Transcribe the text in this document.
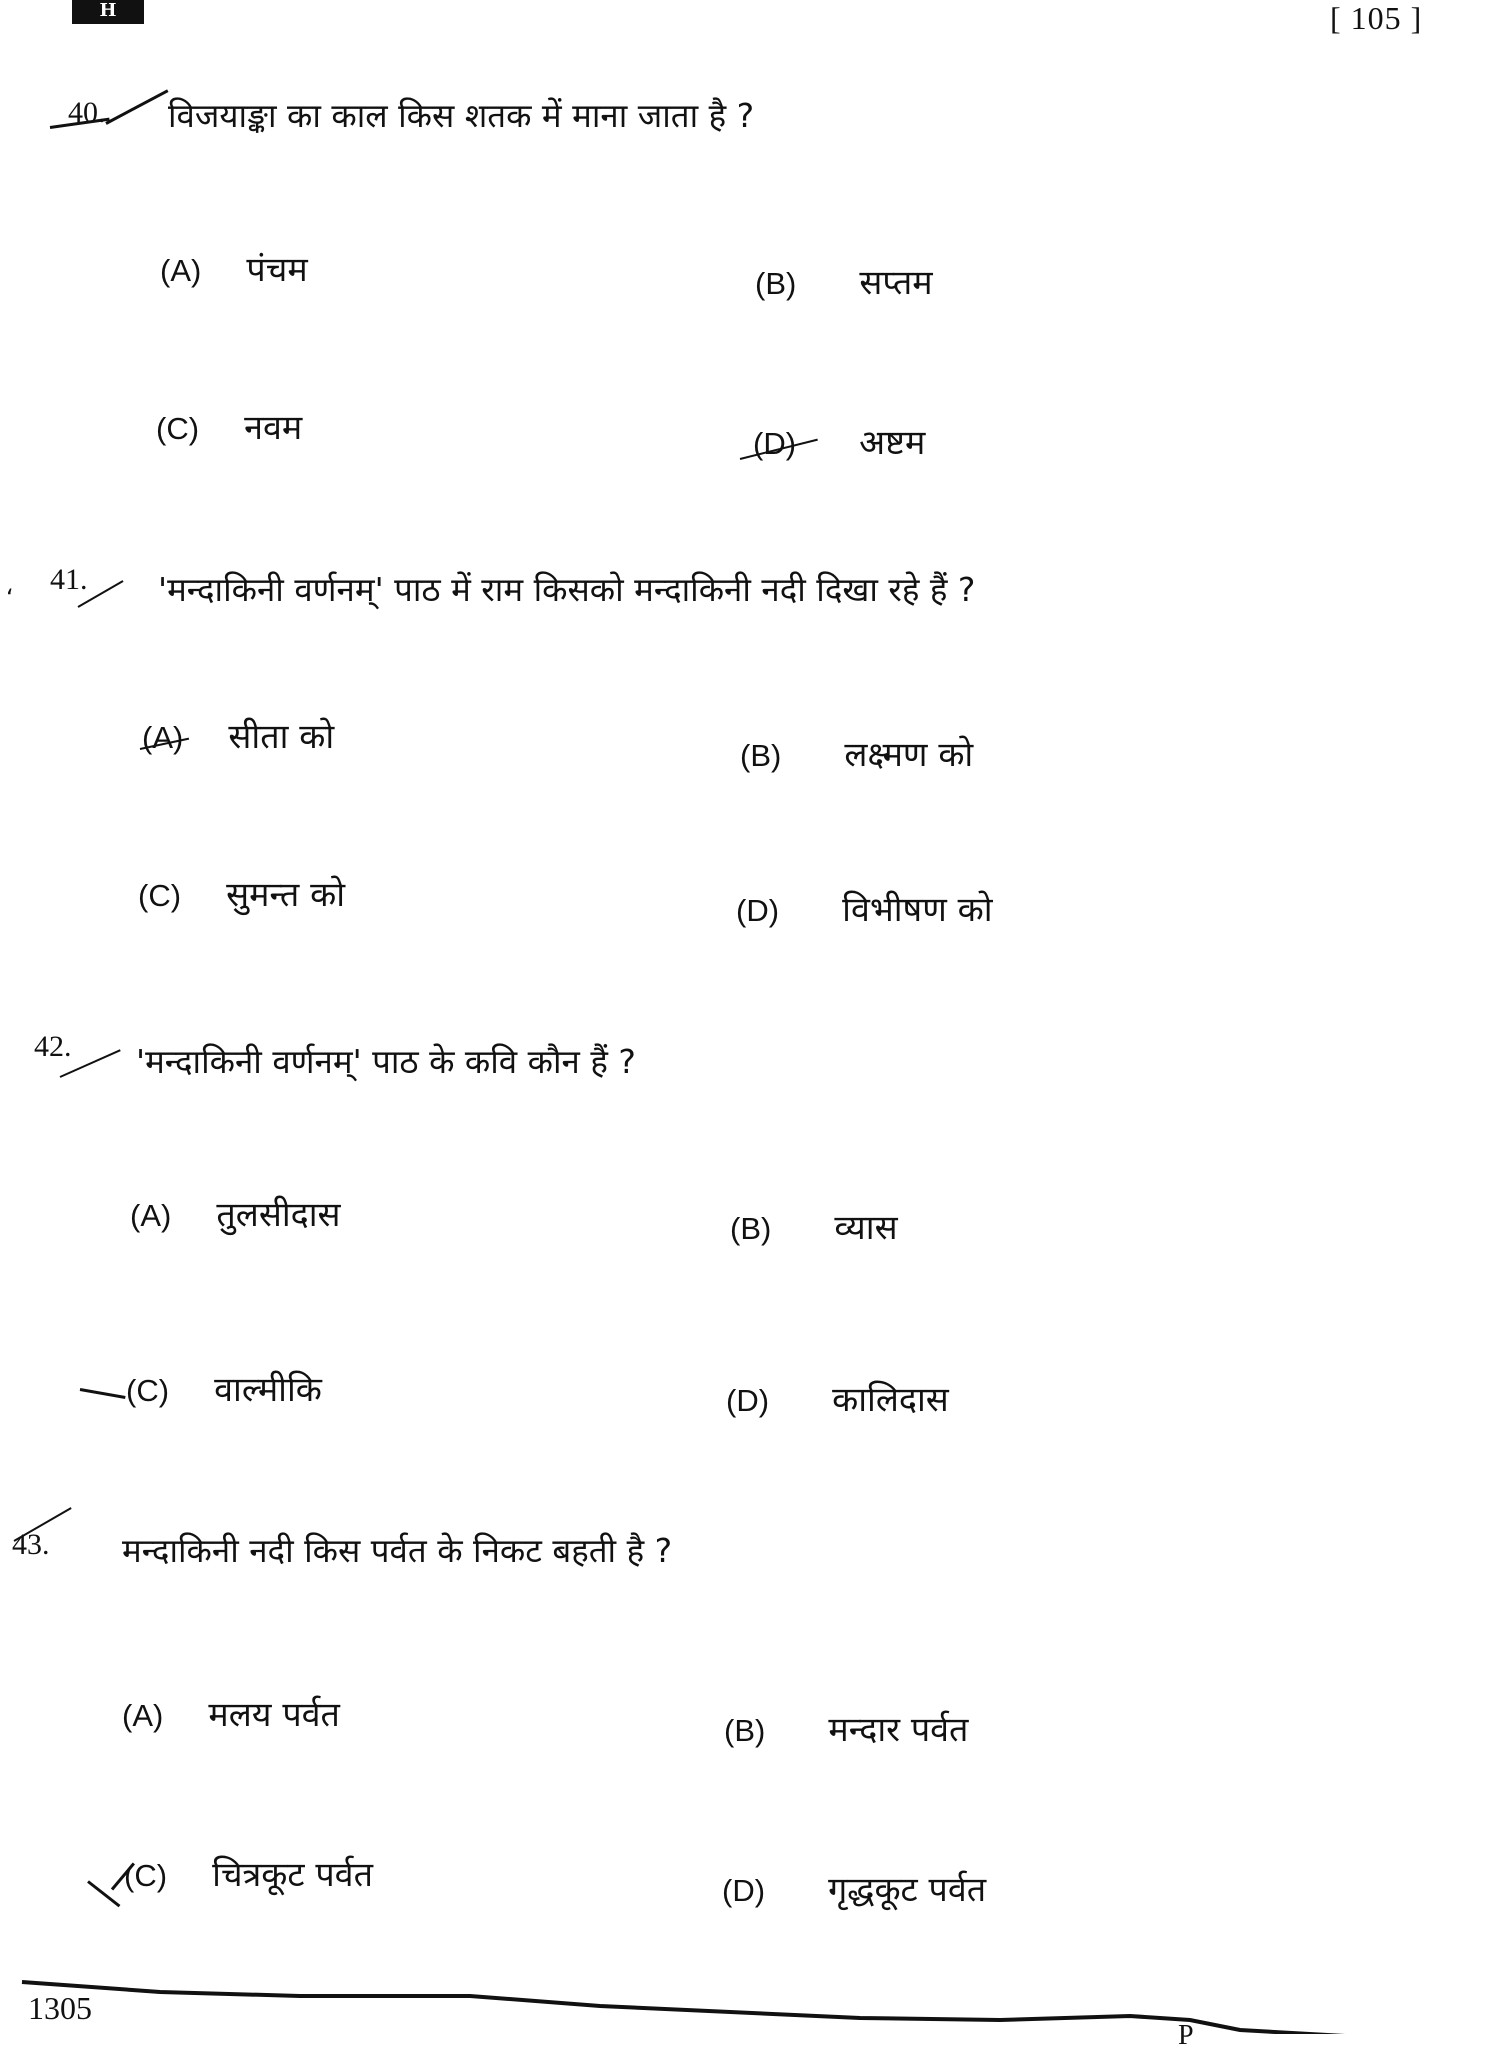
H	[ 105 ]
40. विजयाङ्का का काल किस शतक में माना जाता है ?
(A) पंचम	(B) सप्तम
(C) नवम	(D) अष्टम
‘
41. 'मन्दाकिनी वर्णनम्' पाठ में राम किसको मन्दाकिनी नदी दिखा रहे हैं ?
(A) सीता को	(B) लक्ष्मण को
(C) सुमन्त को	(D) विभीषण को
42. 'मन्दाकिनी वर्णनम्' पाठ के कवि कौन हैं ?
(A) तुलसीदास	(B) व्यास
(C) वाल्मीकि	(D) कालिदास
43. मन्दाकिनी नदी किस पर्वत के निकट बहती है ?
(A) मलय पर्वत	(B) मन्दार पर्वत
(C) चित्रकूट पर्वत	(D) गृद्धकूट पर्वत
1305
P
